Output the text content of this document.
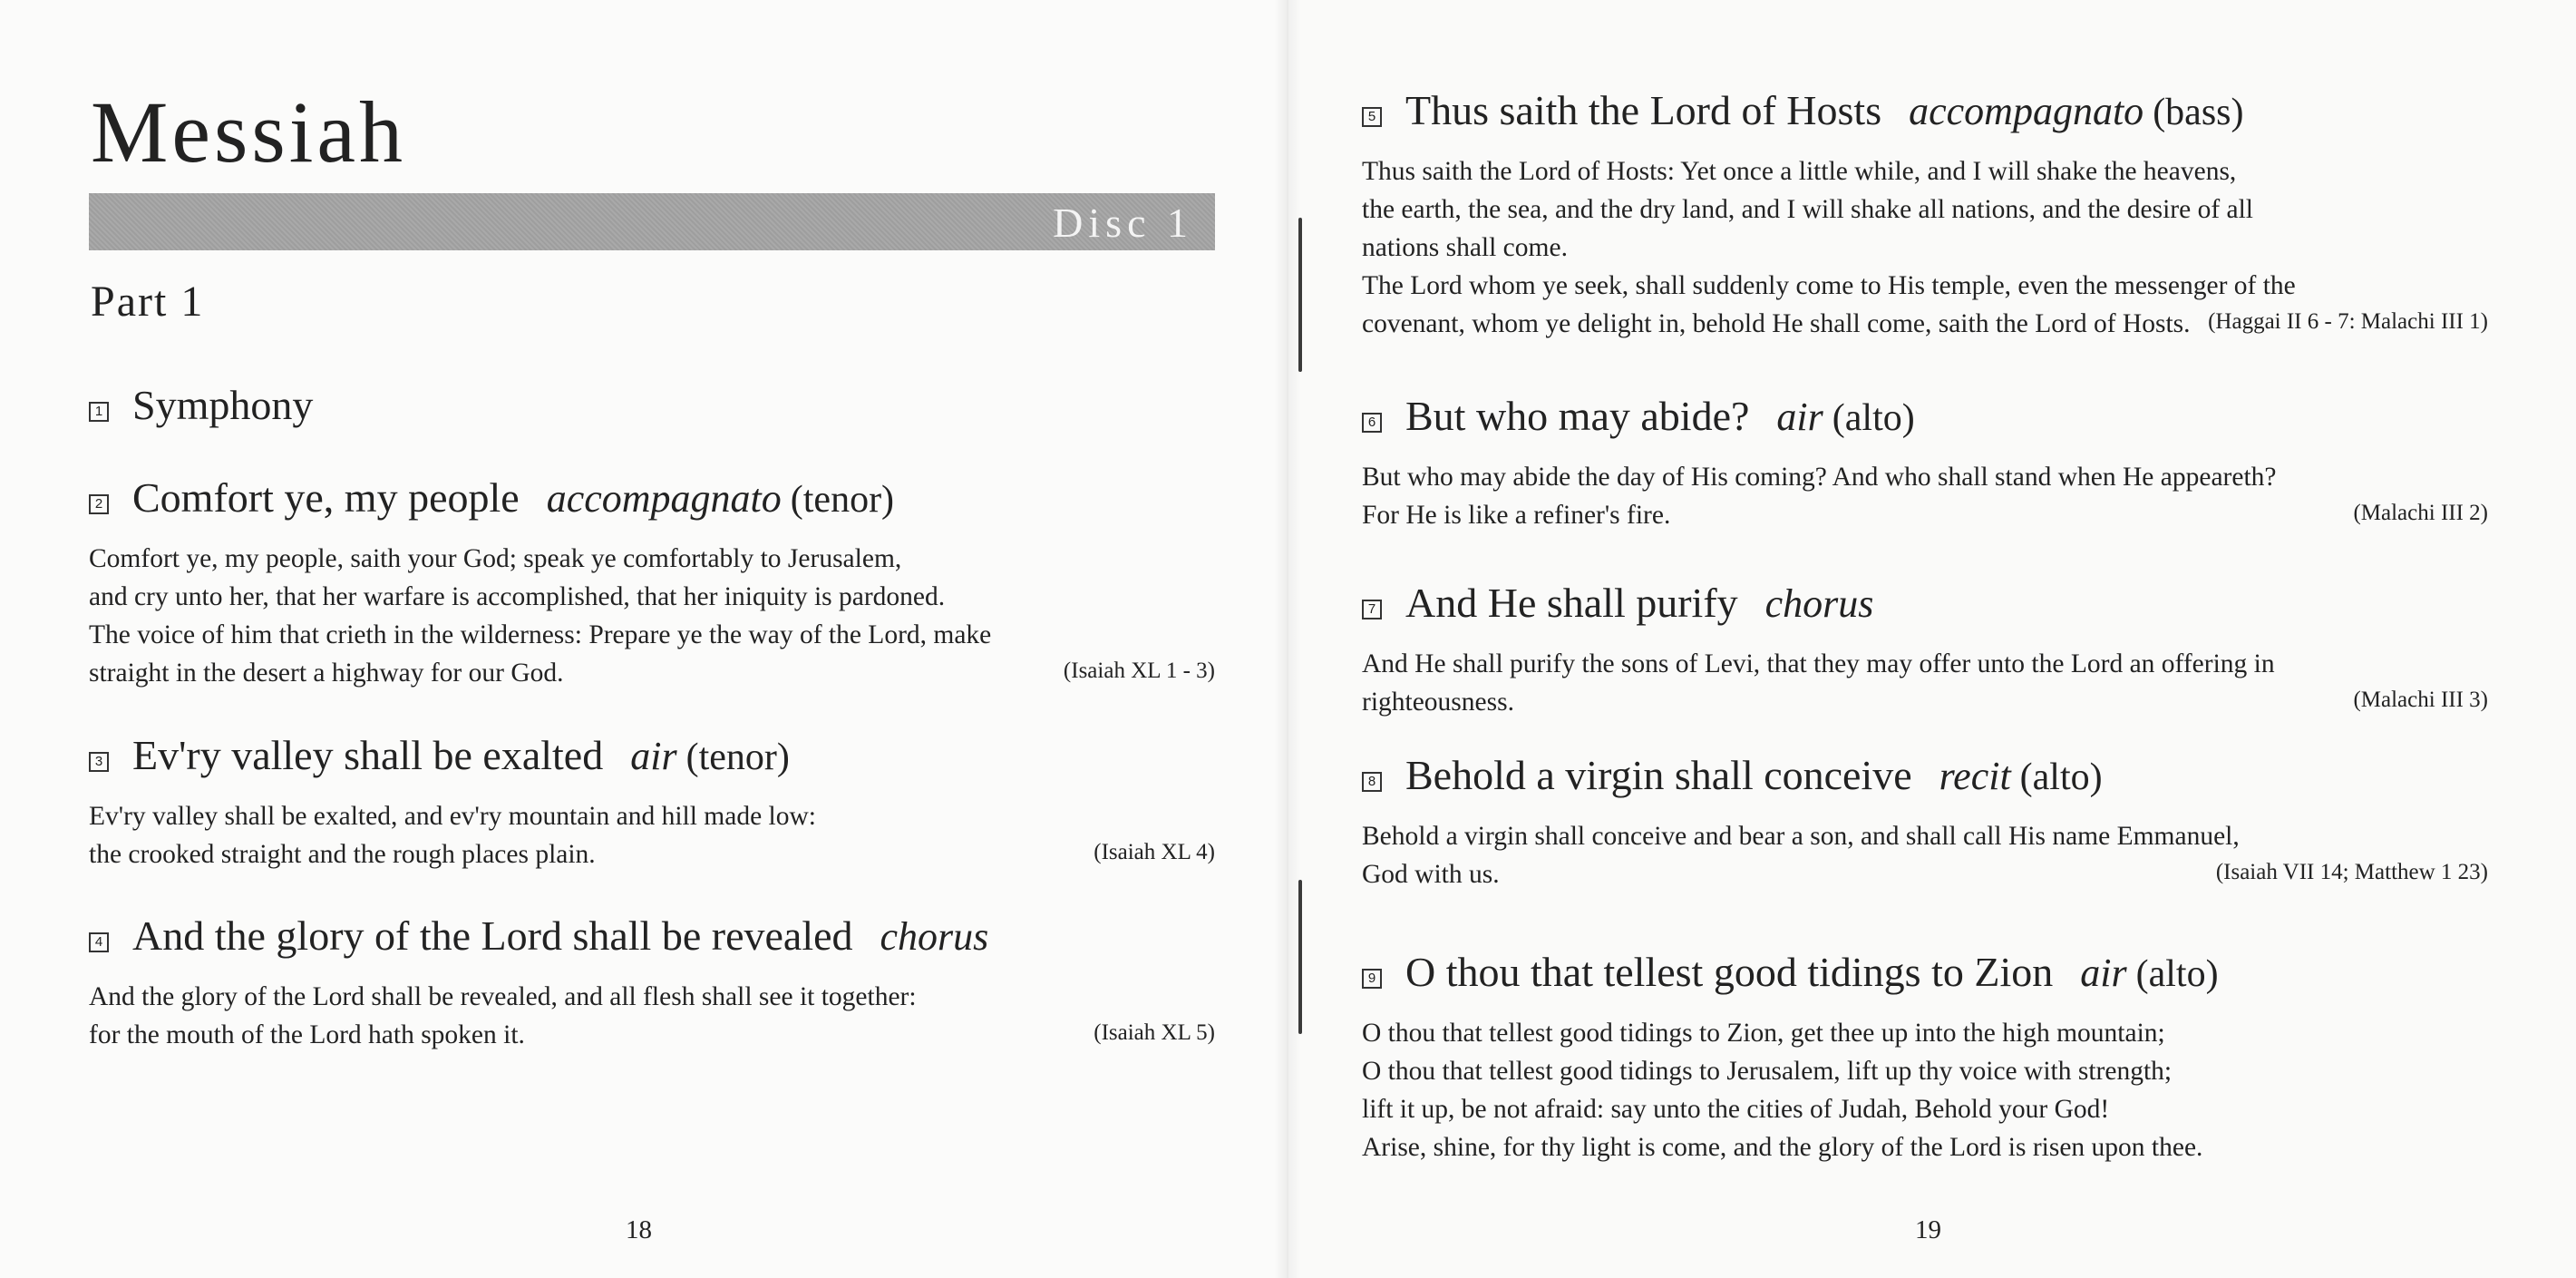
Messiah
Disc 1
Part 1
1 Symphony
2 Comfort ye, my people accompagnato (tenor)
Comfort ye, my people, saith your God; speak ye comfortably to Jerusalem,
and cry unto her, that her warfare is accomplished, that her iniquity is pardoned.
The voice of him that crieth in the wilderness: Prepare ye the way of the Lord, make
straight in the desert a highway for our God.	(Isaiah XL 1 - 3)
3 Ev'ry valley shall be exalted air (tenor)
Ev'ry valley shall be exalted, and ev'ry mountain and hill made low:
the crooked straight and the rough places plain.	(Isaiah XL 4)
4 And the glory of the Lord shall be revealed chorus
And the glory of the Lord shall be revealed, and all flesh shall see it together:
for the mouth of the Lord hath spoken it.	(Isaiah XL 5)
18
5 Thus saith the Lord of Hosts accompagnato (bass)
Thus saith the Lord of Hosts: Yet once a little while, and I will shake the heavens,
the earth, the sea, and the dry land, and I will shake all nations, and the desire of all
nations shall come.
The Lord whom ye seek, shall suddenly come to His temple, even the messenger of the
covenant, whom ye delight in, behold He shall come, saith the Lord of Hosts. (Haggai II 6 - 7: Malachi III 1)
6 But who may abide? air (alto)
But who may abide the day of His coming? And who shall stand when He appeareth?
For He is like a refiner's fire.	(Malachi III 2)
7 And He shall purify chorus
And He shall purify the sons of Levi, that they may offer unto the Lord an offering in
righteousness.	(Malachi III 3)
8 Behold a virgin shall conceive recit (alto)
Behold a virgin shall conceive and bear a son, and shall call His name Emmanuel,
God with us.	(Isaiah VII 14; Matthew 1 23)
9 O thou that tellest good tidings to Zion air (alto)
O thou that tellest good tidings to Zion, get thee up into the high mountain;
O thou that tellest good tidings to Jerusalem, lift up thy voice with strength;
lift it up, be not afraid: say unto the cities of Judah, Behold your God!
Arise, shine, for thy light is come, and the glory of the Lord is risen upon thee.
19
